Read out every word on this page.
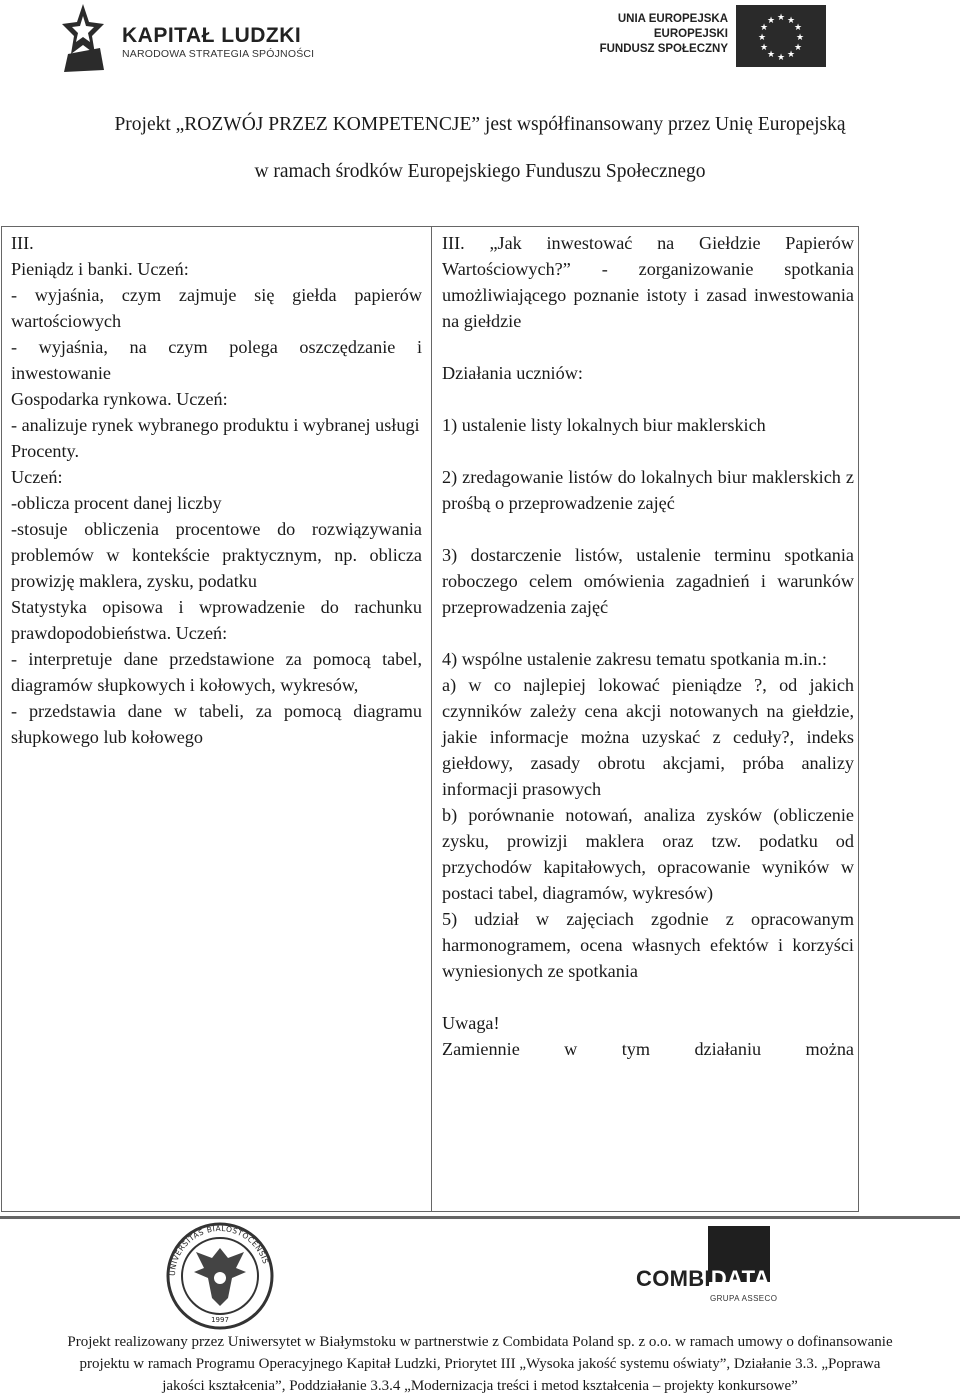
KAPITAŁ LUDZKI
NARODOWA STRATEGIA SPÓJNOŚCI
UNIA EUROPEJSKA
EUROPEJSKI
FUNDUSZ SPOŁECZNY
★ ★
★
★
★
★
★
★
★
★
★
★
Projekt „ROZWÓJ PRZEZ KOMPETENCJE” jest współfinansowany przez Unię Europejską
w ramach środków Europejskiego Funduszu Społecznego

III.

Pieniądz i banki. Uczeń:

- wyjaśnia, czym zajmuje się giełda papierów wartościowych

- wyjaśnia, na czym polega oszczędzanie i inwestowanie

Gospodarka rynkowa. Uczeń:

- analizuje rynek wybranego produktu i wybranej usługi

Procenty.

Uczeń:

-oblicza procent danej liczby

-stosuje obliczenia procentowe do rozwiązywania problemów w kontekście praktycznym, np. oblicza prowizję maklera, zysku, podatku

Statystyka opisowa i wprowadzenie do rachunku prawdopodobieństwa. Uczeń:

- interpretuje dane przedstawione za pomocą tabel, diagramów słupkowych i kołowych, wykresów,

- przedstawia dane w tabeli, za pomocą diagramu słupkowego lub kołowego

III. „Jak inwestować na Giełdzie Papierów Wartościowych?” - zorganizowanie spotkania umożliwiającego poznanie istoty i zasad inwestowania na giełdzie

Działania uczniów:

1) ustalenie listy lokalnych biur maklerskich

2) zredagowanie listów do lokalnych biur maklerskich z prośbą o przeprowadzenie zajęć

3) dostarczenie listów, ustalenie terminu spotkania roboczego celem omówienia zagadnień i warunków przeprowadzenia zajęć

4) wspólne ustalenie zakresu tematu spotkania m.in.:

a) w co najlepiej lokować pieniądze ?, od jakich czynników zależy cena akcji notowanych na giełdzie, jakie informacje można uzyskać z ceduły?, indeks giełdowy, zasady obrotu akcjami, próba analizy informacji prasowych

b) porównanie notowań, analiza zysków (obliczenie zysku, prowizji maklera oraz tzw. podatku od przychodów kapitałowych, opracowanie wyników w postaci tabel, diagramów, wykresów)

5) udział w zajęciach zgodnie z opracowanym harmonogramem, ocena własnych efektów i korzyści wyniesionych ze spotkania

Uwaga!

Zamiennie w tym działaniu można

UNIVERSITAS BIALOSTOCENSIS
1997
COMBIDATA
GRUPA ASSECO
Projekt realizowany przez Uniwersytet w Białymstoku w partnerstwie z Combidata Poland sp. z o.o. w ramach umowy o dofinansowanie
projektu w ramach Programu Operacyjnego Kapitał Ludzki, Priorytet III „Wysoka jakość systemu oświaty”, Działanie 3.3. „Poprawa
jakości kształcenia”, Poddziałanie 3.3.4 „Modernizacja treści i metod kształcenia – projekty konkursowe”
